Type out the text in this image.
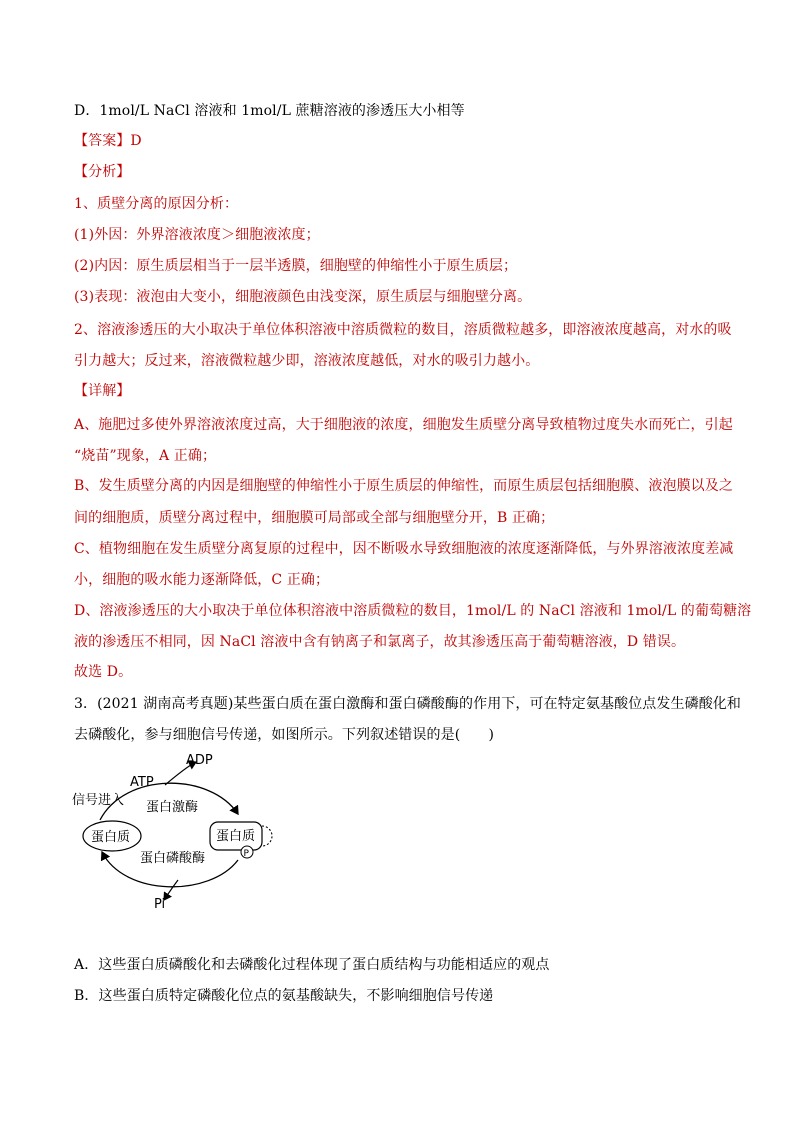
D．1mol/L NaCl 溶液和 1mol/L 蔗糖溶液的渗透压大小相等
【答案】D
【分析】
1、质壁分离的原因分析：
(1)外因：外界溶液浓度＞细胞液浓度；
(2)内因：原生质层相当于一层半透膜，细胞壁的伸缩性小于原生质层；
(3)表现：液泡由大变小，细胞液颜色由浅变深，原生质层与细胞壁分离。
2、溶液渗透压的大小取决于单位体积溶液中溶质微粒的数目，溶质微粒越多，即溶液浓度越高，对水的吸
引力越大；反过来，溶液微粒越少即，溶液浓度越低，对水的吸引力越小。
【详解】
A、施肥过多使外界溶液浓度过高，大于细胞液的浓度，细胞发生质壁分离导致植物过度失水而死亡，引起
“烧苗”现象，A 正确；
B、发生质壁分离的内因是细胞壁的伸缩性小于原生质层的伸缩性，而原生质层包括细胞膜、液泡膜以及之
间的细胞质，质壁分离过程中，细胞膜可局部或全部与细胞壁分开，B 正确；
C、植物细胞在发生质壁分离复原的过程中，因不断吸水导致细胞液的浓度逐渐降低，与外界溶液浓度差减
小，细胞的吸水能力逐渐降低，C 正确；
D、溶液渗透压的大小取决于单位体积溶液中溶质微粒的数目，1mol/L 的 NaCl 溶液和 1mol/L 的葡萄糖溶
液的渗透压不相同，因 NaCl 溶液中含有钠离子和氯离子，故其渗透压高于葡萄糖溶液，D 错误。
故选 D。
3．(2021 湖南高考真题)某些蛋白质在蛋白激酶和蛋白磷酸酶的作用下，可在特定氨基酸位点发生磷酸化和
去磷酸化，参与细胞信号传递，如图所示。下列叙述错误的是(　　)
ADP
ATP
信号进入 蛋白激酶
蛋白质	蛋白质
P
蛋白磷酸酶
Pi
A．这些蛋白质磷酸化和去磷酸化过程体现了蛋白质结构与功能相适应的观点
B．这些蛋白质特定磷酸化位点的氨基酸缺失，不影响细胞信号传递
